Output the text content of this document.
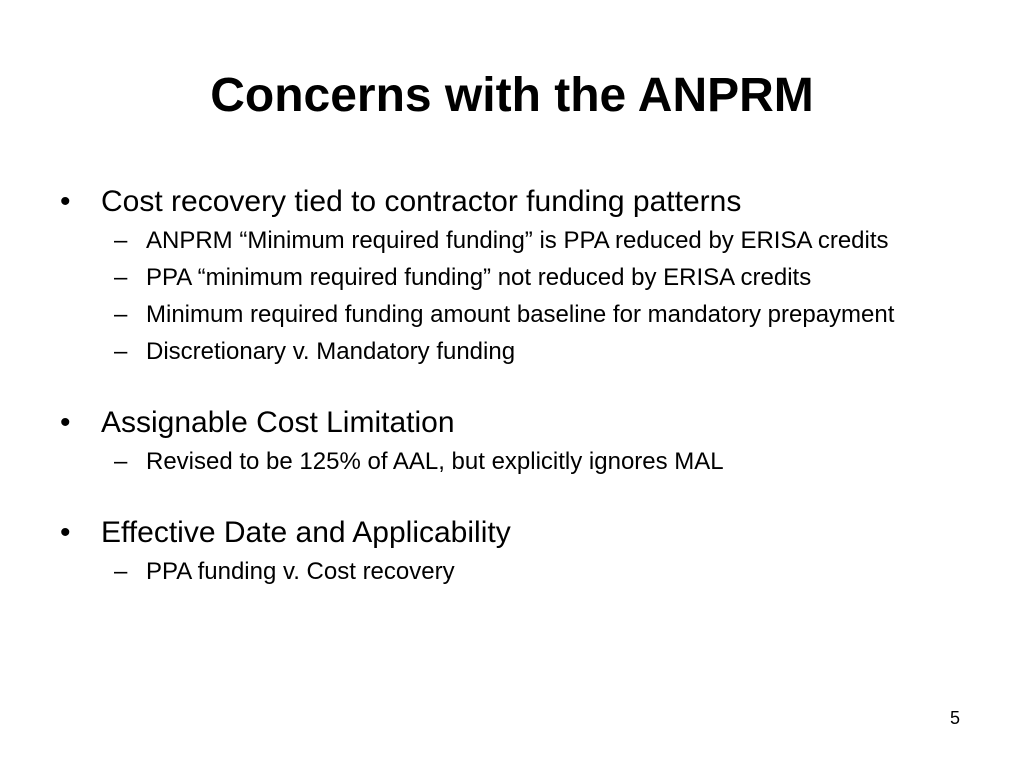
Concerns with the ANPRM
•	Cost recovery tied to contractor funding patterns
– ANPRM “Minimum required funding” is PPA reduced by ERISA credits
– PPA “minimum required funding” not reduced by ERISA credits
– Minimum required funding amount baseline for mandatory prepayment
– Discretionary v. Mandatory funding
•	Assignable Cost Limitation
– Revised to be 125% of AAL, but explicitly ignores MAL
•	Effective Date and Applicability
– PPA funding v. Cost recovery
5
